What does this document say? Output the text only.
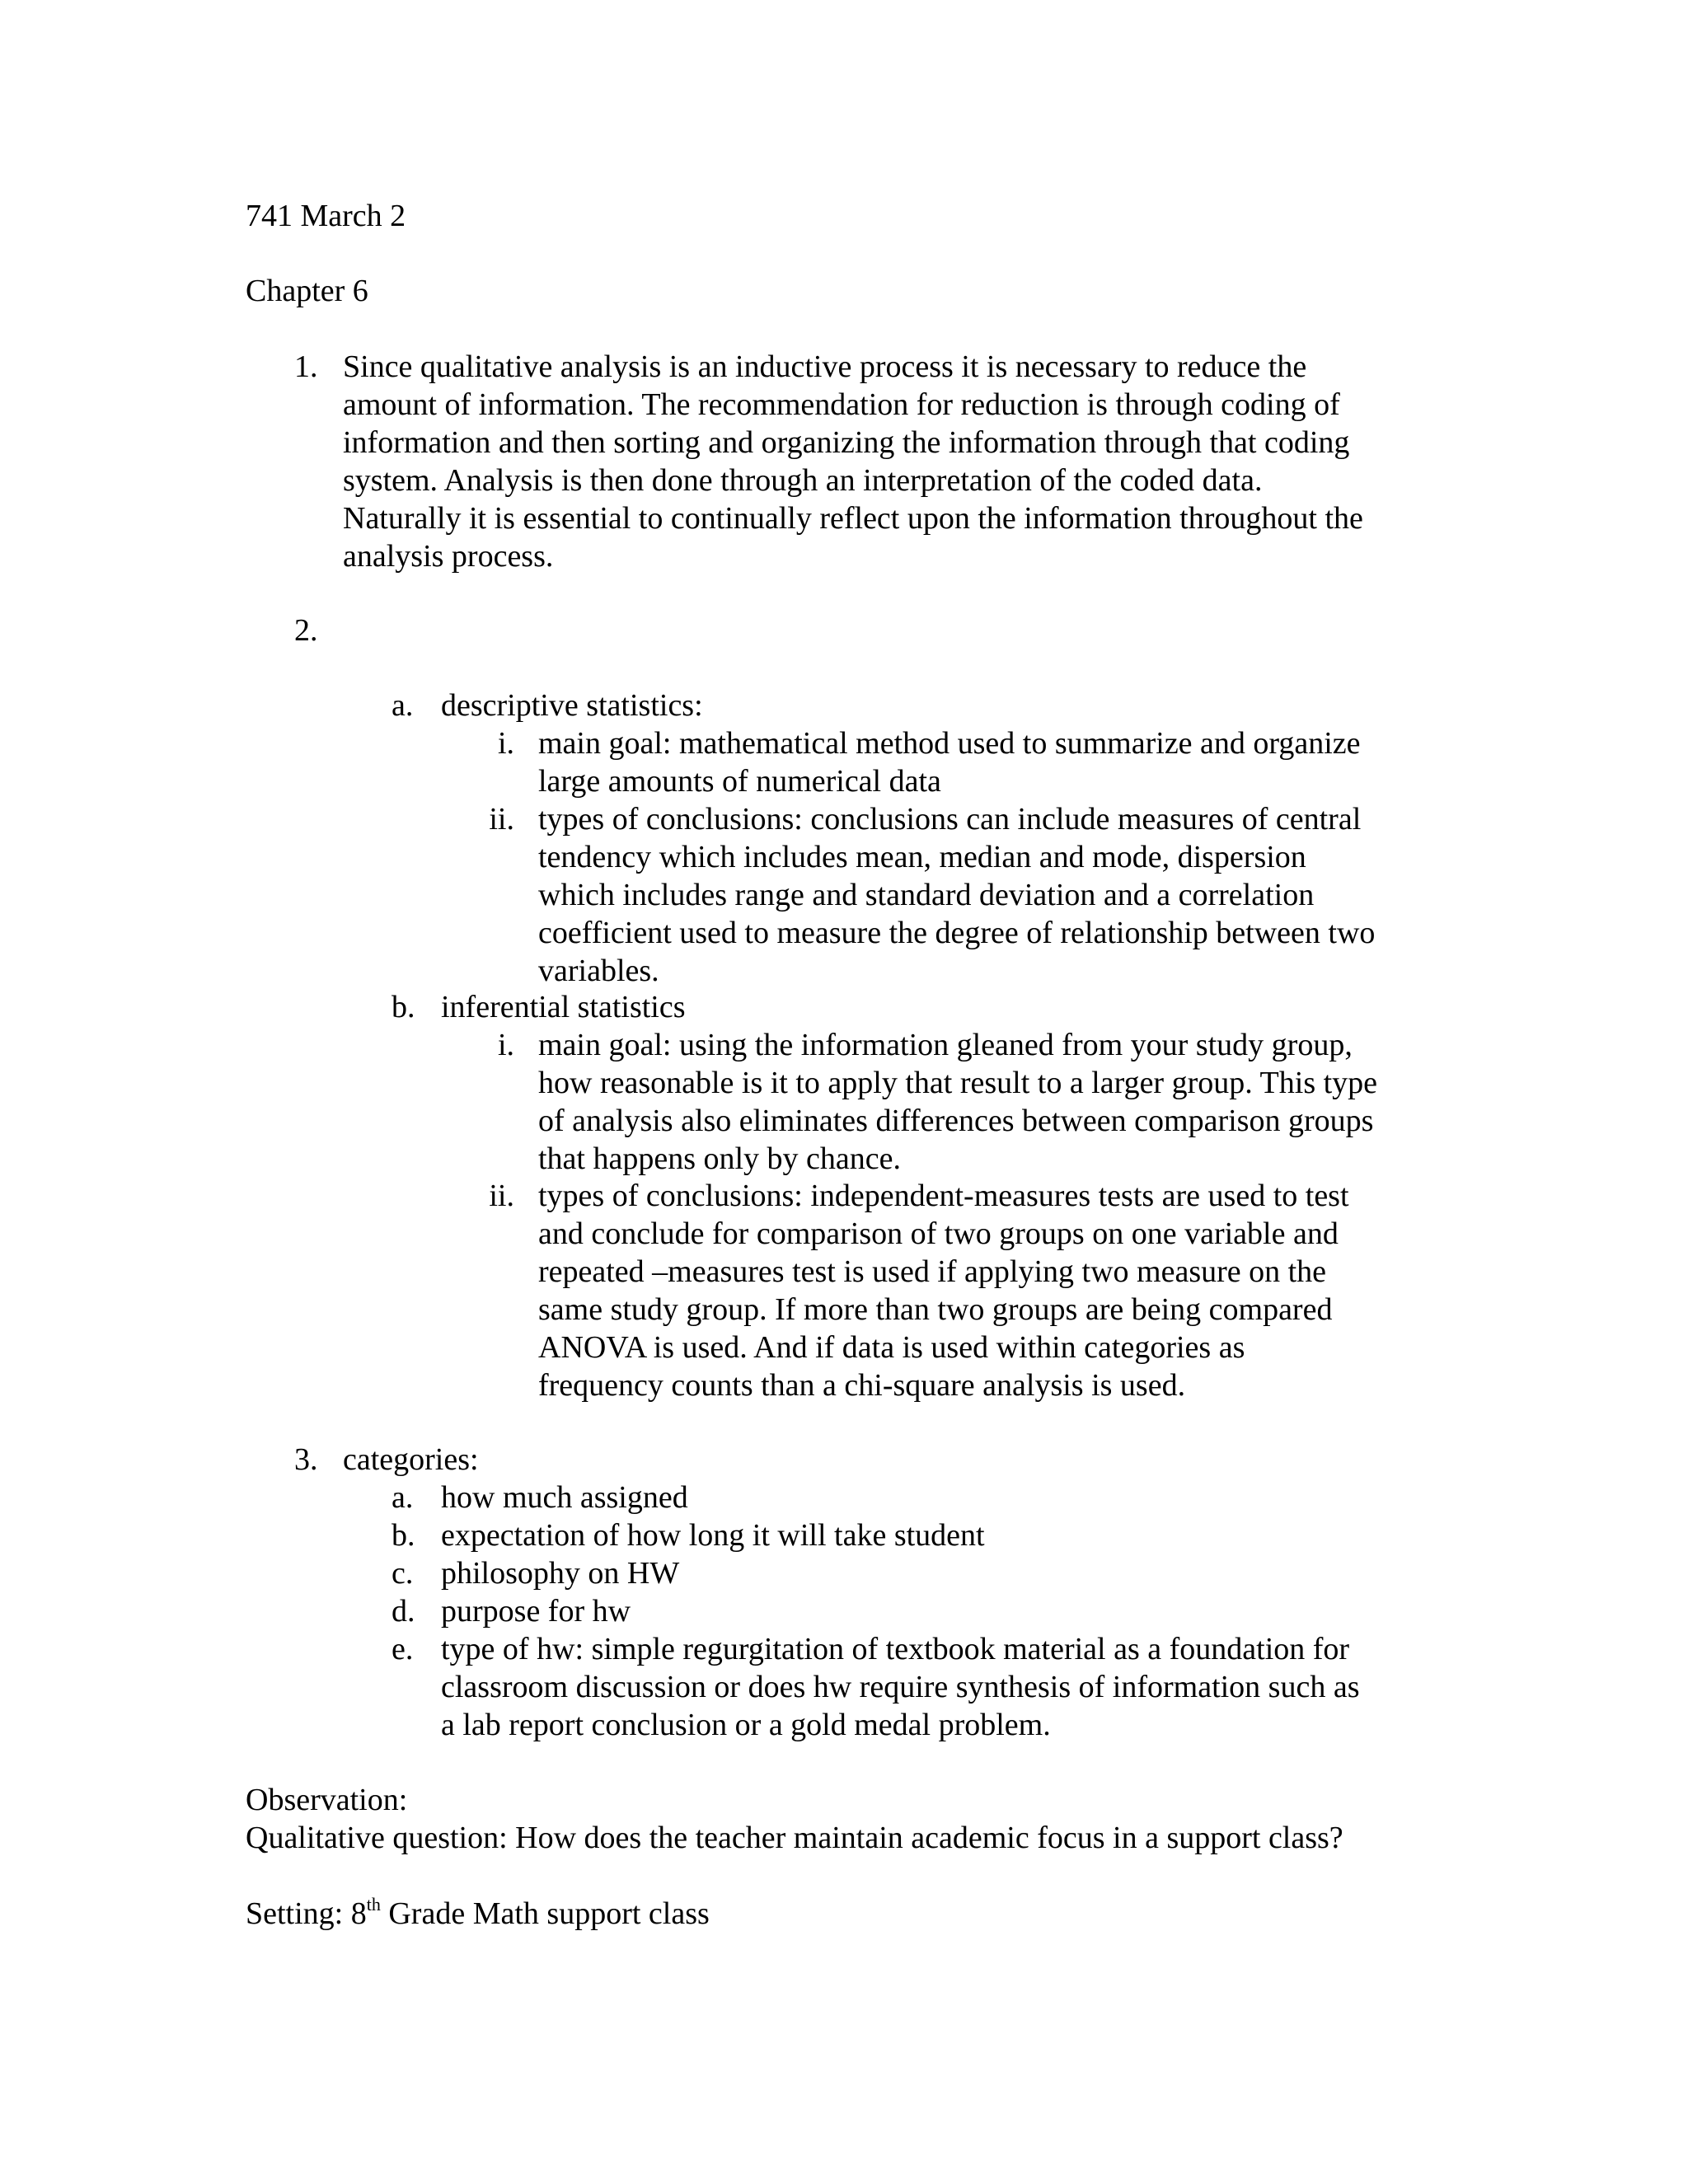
741 March 2
Chapter 6
1. Since qualitative analysis is an inductive process it is necessary to reduce the

amount of information. The recommendation for reduction is through coding of

information and then sorting and organizing the information through that coding

system. Analysis is then done through an interpretation of the coded data.

Naturally it is essential to continually reflect upon the information throughout the

analysis process.

2.
a. descriptive statistics:
i. main goal: mathematical method used to summarize and organize

large amounts of numerical data

ii. types of conclusions: conclusions can include measures of central

tendency which includes mean, median and mode, dispersion

which includes range and standard deviation and a correlation

coefficient used to measure the degree of relationship between two

variables.

b. inferential statistics
i. main goal: using the information gleaned from your study group,

how reasonable is it to apply that result to a larger group. This type

of analysis also eliminates differences between comparison groups

that happens only by chance.

ii. types of conclusions: independent-measures tests are used to test

and conclude for comparison of two groups on one variable and

repeated –measures test is used if applying two measure on the

same study group. If more than two groups are being compared

ANOVA is used. And if data is used within categories as

frequency counts than a chi-square analysis is used.

3. categories:
a. how much assigned
b. expectation of how long it will take student
c. philosophy on HW
d. purpose for hw
e. type of hw: simple regurgitation of textbook material as a foundation for

classroom discussion or does hw require synthesis of information such as

a lab report conclusion or a gold medal problem.

Observation:
Qualitative question: How does the teacher maintain academic focus in a support class?
Setting: 8th Grade Math support class
